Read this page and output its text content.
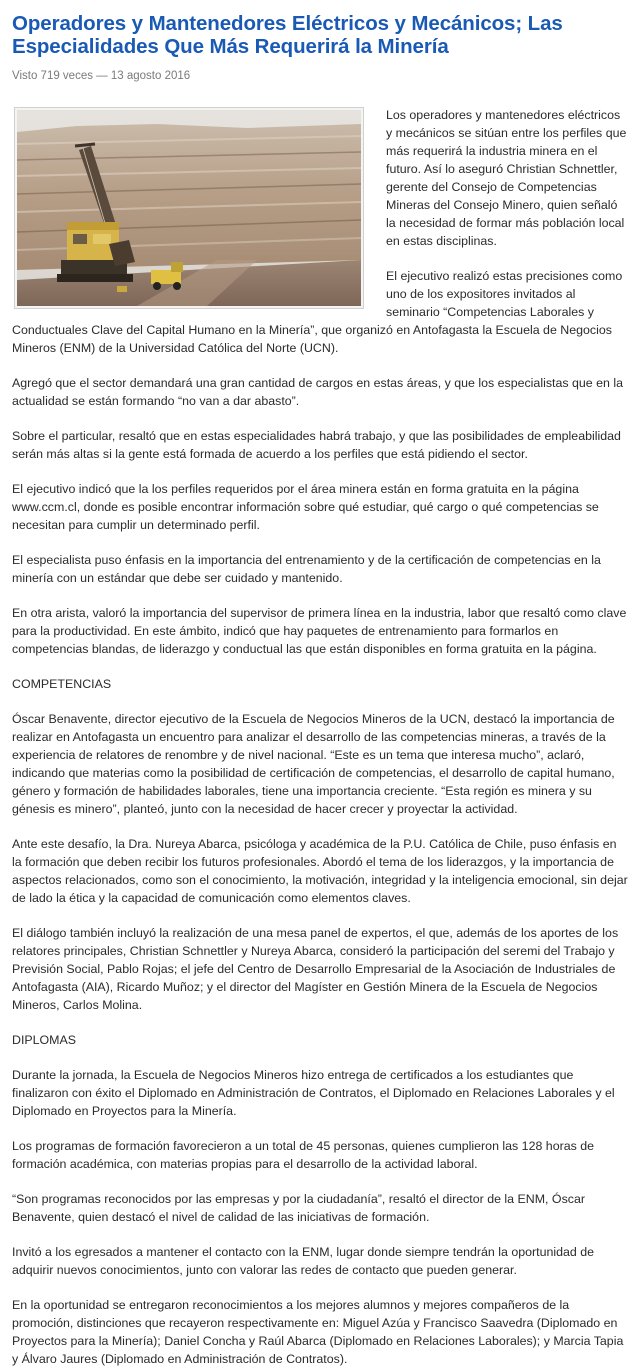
Operadores y Mantenedores Eléctricos y Mecánicos; Las Especialidades Que Más Requerirá la Minería
Visto 719 veces — 13 agosto 2016

Los operadores y mantenedores eléctricos y mecánicos se sitúan entre los perfiles que más requerirá la industria minera en el futuro. Así lo aseguró Christian Schnettler, gerente del Consejo de Competencias Mineras del Consejo Minero, quien señaló la necesidad de formar más población local en estas disciplinas.

El ejecutivo realizó estas precisiones como uno de los expositores invitados al seminario “Competencias Laborales y Conductuales Clave del Capital Humano en la Minería”, que organizó en Antofagasta la Escuela de Negocios Mineros (ENM) de la Universidad Católica del Norte (UCN).

Agregó que el sector demandará una gran cantidad de cargos en estas áreas, y que los especialistas que en la actualidad se están formando “no van a dar abasto”.

Sobre el particular, resaltó que en estas especialidades habrá trabajo, y que las posibilidades de empleabilidad serán más altas si la gente está formada de acuerdo a los perfiles que está pidiendo el sector.

El ejecutivo indicó que la los perfiles requeridos por el área minera están en forma gratuita en la página www.ccm.cl, donde es posible encontrar información sobre qué estudiar, qué cargo o qué competencias se necesitan para cumplir un determinado perfil.

El especialista puso énfasis en la importancia del entrenamiento y de la certificación de competencias en la minería con un estándar que debe ser cuidado y mantenido.

En otra arista, valoró la importancia del supervisor de primera línea en la industria, labor que resaltó como clave para la productividad. En este ámbito, indicó que hay paquetes de entrenamiento para formarlos en competencias blandas, de liderazgo y conductual las que están disponibles en forma gratuita en la página.

COMPETENCIAS

Óscar Benavente, director ejecutivo de la Escuela de Negocios Mineros de la UCN, destacó la importancia de realizar en Antofagasta un encuentro para analizar el desarrollo de las competencias mineras, a través de la experiencia de relatores de renombre y de nivel nacional. “Este es un tema que interesa mucho”, aclaró, indicando que materias como la posibilidad de certificación de competencias, el desarrollo de capital humano, género y formación de habilidades laborales, tiene una importancia creciente. “Esta región es minera y su génesis es minero”, planteó, junto con la necesidad de hacer crecer y proyectar la actividad.

Ante este desafío, la Dra. Nureya Abarca, psicóloga y académica de la P.U. Católica de Chile, puso énfasis en la formación que deben recibir los futuros profesionales. Abordó el tema de los liderazgos, y la importancia de aspectos relacionados, como son el conocimiento, la motivación, integridad y la inteligencia emocional, sin dejar de lado la ética y la capacidad de comunicación como elementos claves.

El diálogo también incluyó la realización de una mesa panel de expertos, el que, además de los aportes de los relatores principales, Christian Schnettler y Nureya Abarca, consideró la participación del seremi del Trabajo y Previsión Social, Pablo Rojas; el jefe del Centro de Desarrollo Empresarial de la Asociación de Industriales de Antofagasta (AIA), Ricardo Muñoz; y el director del Magíster en Gestión Minera de la Escuela de Negocios Mineros, Carlos Molina.

DIPLOMAS

Durante la jornada, la Escuela de Negocios Mineros hizo entrega de certificados a los estudiantes que finalizaron con éxito el Diplomado en Administración de Contratos, el Diplomado en Relaciones Laborales y el Diplomado en Proyectos para la Minería.

Los programas de formación favorecieron a un total de 45 personas, quienes cumplieron las 128 horas de formación académica, con materias propias para el desarrollo de la actividad laboral.

“Son programas reconocidos por las empresas y por la ciudadanía”, resaltó el director de la ENM, Óscar Benavente, quien destacó el nivel de calidad de las iniciativas de formación.

Invitó a los egresados a mantener el contacto con la ENM, lugar donde siempre tendrán la oportunidad de adquirir nuevos conocimientos, junto con valorar las redes de contacto que pueden generar.

En la oportunidad se entregaron reconocimientos a los mejores alumnos y mejores compañeros de la promoción, distinciones que recayeron respectivamente en: Miguel Azúa y Francisco Saavedra (Diplomado en Proyectos para la Minería); Daniel Concha y Raúl Abarca (Diplomado en Relaciones Laborales); y Marcia Tapia y Álvaro Jaures (Diplomado en Administración de Contratos).
